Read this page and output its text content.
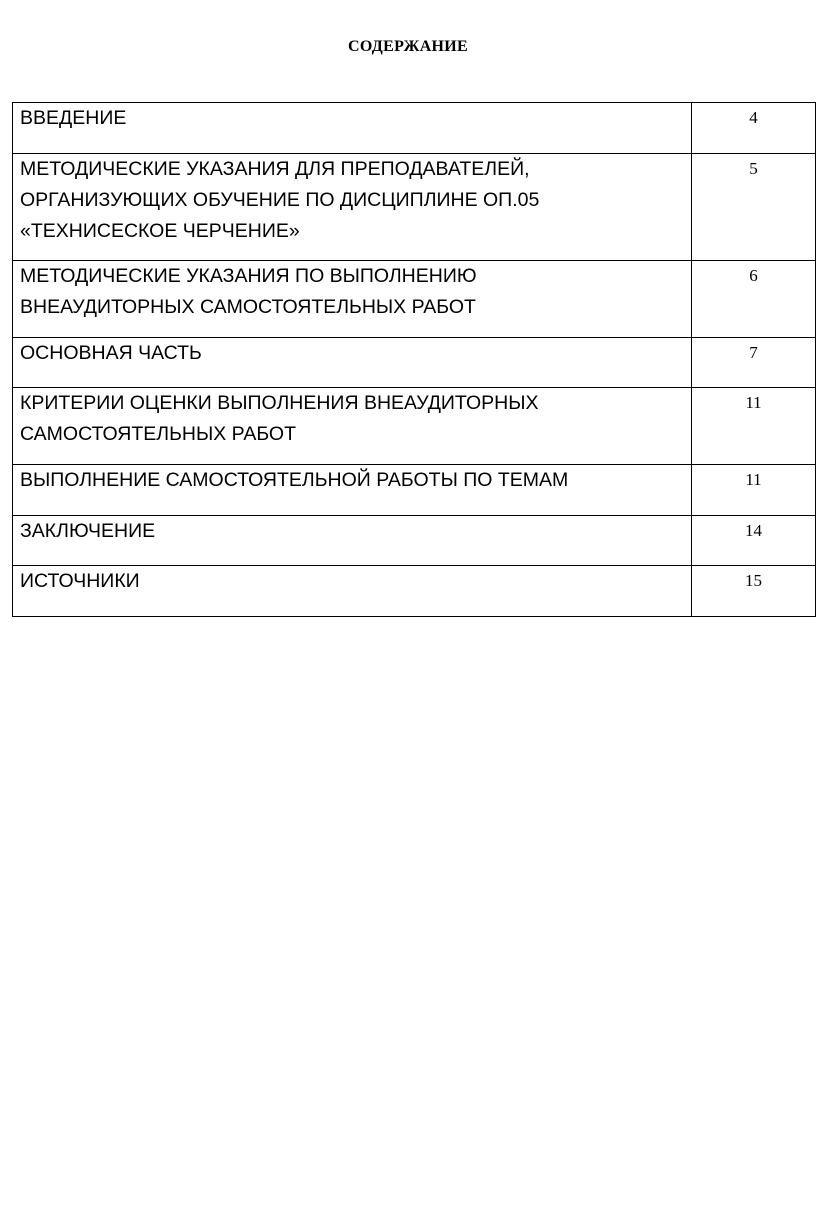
СОДЕРЖАНИЕ
ВВЕДЕНИЕ	4
МЕТОДИЧЕСКИЕ УКАЗАНИЯ ДЛЯ ПРЕПОДАВАТЕЛЕЙ,
ОРГАНИЗУЮЩИХ ОБУЧЕНИЕ ПО ДИСЦИПЛИНЕ ОП.05
«ТЕХНИСЕСКОЕ ЧЕРЧЕНИЕ»	5
МЕТОДИЧЕСКИЕ УКАЗАНИЯ ПО ВЫПОЛНЕНИЮ
ВНЕАУДИТОРНЫХ САМОСТОЯТЕЛЬНЫХ РАБОТ	6
ОСНОВНАЯ ЧАСТЬ	7
КРИТЕРИИ ОЦЕНКИ ВЫПОЛНЕНИЯ ВНЕАУДИТОРНЫХ
САМОСТОЯТЕЛЬНЫХ РАБОТ	11
ВЫПОЛНЕНИЕ САМОСТОЯТЕЛЬНОЙ РАБОТЫ ПО ТЕМАМ	11
ЗАКЛЮЧЕНИЕ	14
ИСТОЧНИКИ	15
